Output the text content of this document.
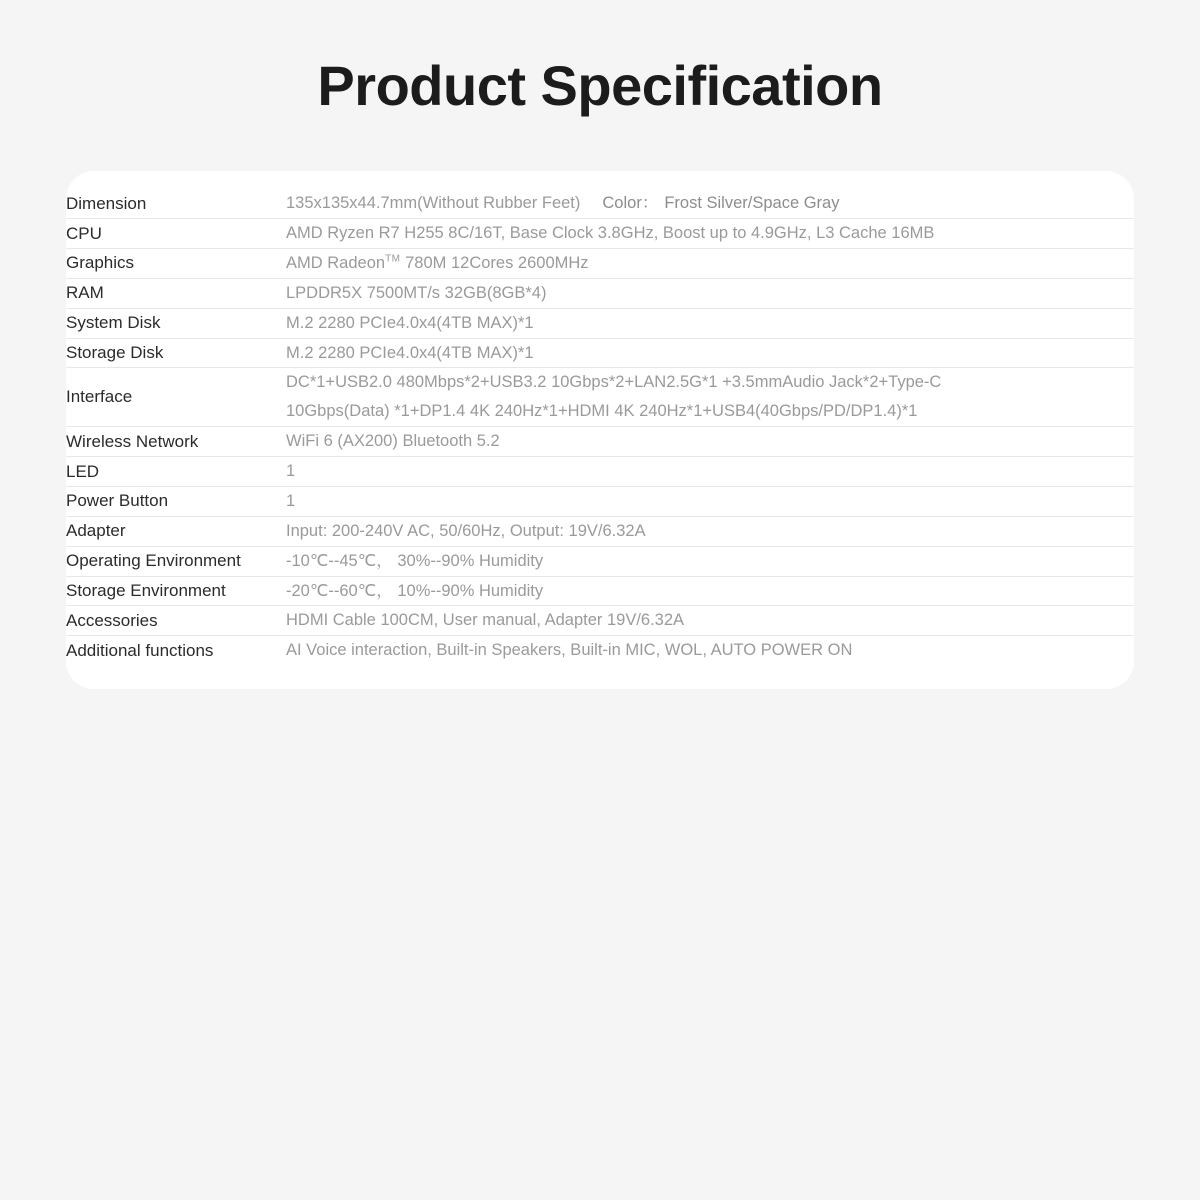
Product Specification
Dimension	135x135x44.7mm(Without Rubber Feet) Color： Frost Silver/Space Gray
CPU	AMD Ryzen R7 H255 8C/16T, Base Clock 3.8GHz, Boost up to 4.9GHz, L3 Cache 16MB
Graphics	AMD Radeon™ 780M 12Cores 2600MHz
RAM	LPDDR5X 7500MT/s 32GB(8GB*4)
System Disk	M.2 2280 PCIe4.0x4(4TB MAX)*1
Storage Disk	M.2 2280 PCIe4.0x4(4TB MAX)*1
Interface	DC*1+USB2.0 480Mbps*2+USB3.2 10Gbps*2+LAN2.5G*1 +3.5mmAudio Jack*2+Type-C
10Gbps(Data) *1+DP1.4 4K 240Hz*1+HDMI 4K 240Hz*1+USB4(40Gbps/PD/DP1.4)*1

Wireless Network	WiFi 6 (AX200) Bluetooth 5.2
LED	1
Power Button	1
Adapter	Input: 200-240V AC, 50/60Hz, Output: 19V/6.32A
Operating Environment	-10℃--45℃， 30%--90% Humidity
Storage Environment	-20℃--60℃， 10%--90% Humidity
Accessories	HDMI Cable 100CM, User manual, Adapter 19V/6.32A
Additional functions	AI Voice interaction, Built-in Speakers, Built-in MIC, WOL, AUTO POWER ON
